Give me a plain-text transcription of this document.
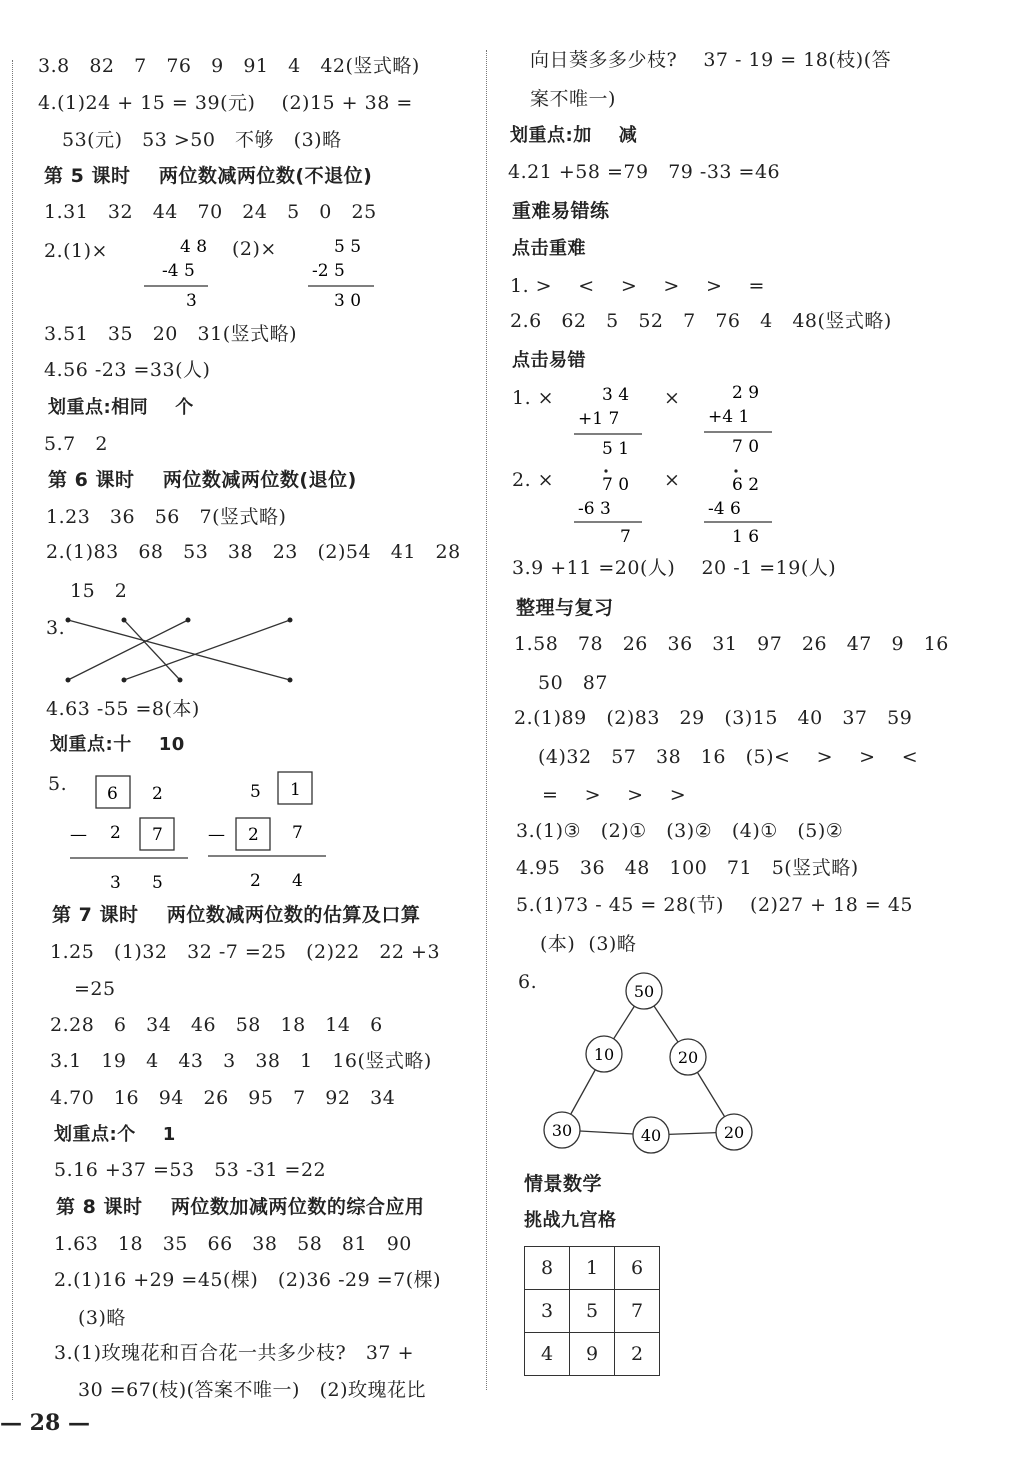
3.8   82   7   76   9   91   4   42(竖式略)
4.(1)24 + 15 = 39(元)    (2)15 + 38 =
53(元)   53 >50   不够   (3)略
第 5 课时    两位数减两位数(不退位)
1.31   32   44   70   24   5   0   25
2.(1)×	(2)×
4 8
-4 5
3
5 5
-2 5
3 0
3.51   35   20   31(竖式略)
4.56 -23 =33(人)
划重点:相同    个
5.7   2
第 6 课时    两位数减两位数(退位)
1.23   36   56   7(竖式略)
2.(1)83   68   53   38   23   (2)54   41   28
15   2
3.
4.63 -55 =8(本)
划重点:十    10
5. 6 2
— 2 7
3 5
5 1
— 2 7
2 4
第 7 课时    两位数减两位数的估算及口算
1.25   (1)32   32 -7 =25   (2)22   22 +3
=25
2.28   6   34   46   58   18   14   6
3.1   19   4   43   3   38   1   16(竖式略)
4.70   16   94   26   95   7   92   34
划重点:个    1
5.16 +37 =53   53 -31 =22
第 8 课时    两位数加减两位数的综合应用
1.63   18   35   66   38   58   81   90
2.(1)16 +29 =45(棵)   (2)36 -29 =7(棵)
(3)略
3.(1)玫瑰花和百合花一共多少枝?   37 +
30 =67(枝)(答案不唯一)   (2)玫瑰花比
— 28 —
向日葵多多少枝?    37 - 19 = 18(枝)(答
案不唯一)
划重点:加    减
4.21 +58 =79   79 -33 =46
重难易错练
点击重难
1. >    <    >    >    >    =
2.6   62   5   52   7   76   4   48(竖式略)
点击易错
1. ×	×
3 4
+1 7
5 1
2 9
+4 1
7 0
2. ×	×
7 0
-6 3
7
6 2
-4 6
1 6
3.9 +11 =20(人)    20 -1 =19(人)
整理与复习
1.58   78   26   36   31   97   26   47   9   16
50   87
2.(1)89   (2)83   29   (3)15   40   37   59
(4)32   57   38   16   (5)<    >    >    <
=    >    >    >
3.(1)③   (2)①   (3)②   (4)①   (5)②
4.95   36   48   100   71   5(竖式略)
5.(1)73 - 45 = 28(节)    (2)27 + 18 = 45
(本)  (3)略
6.	50
10	20
30	40	20
情景数学
挑战九宫格
8	1	6
3	5	7
4	9	2
